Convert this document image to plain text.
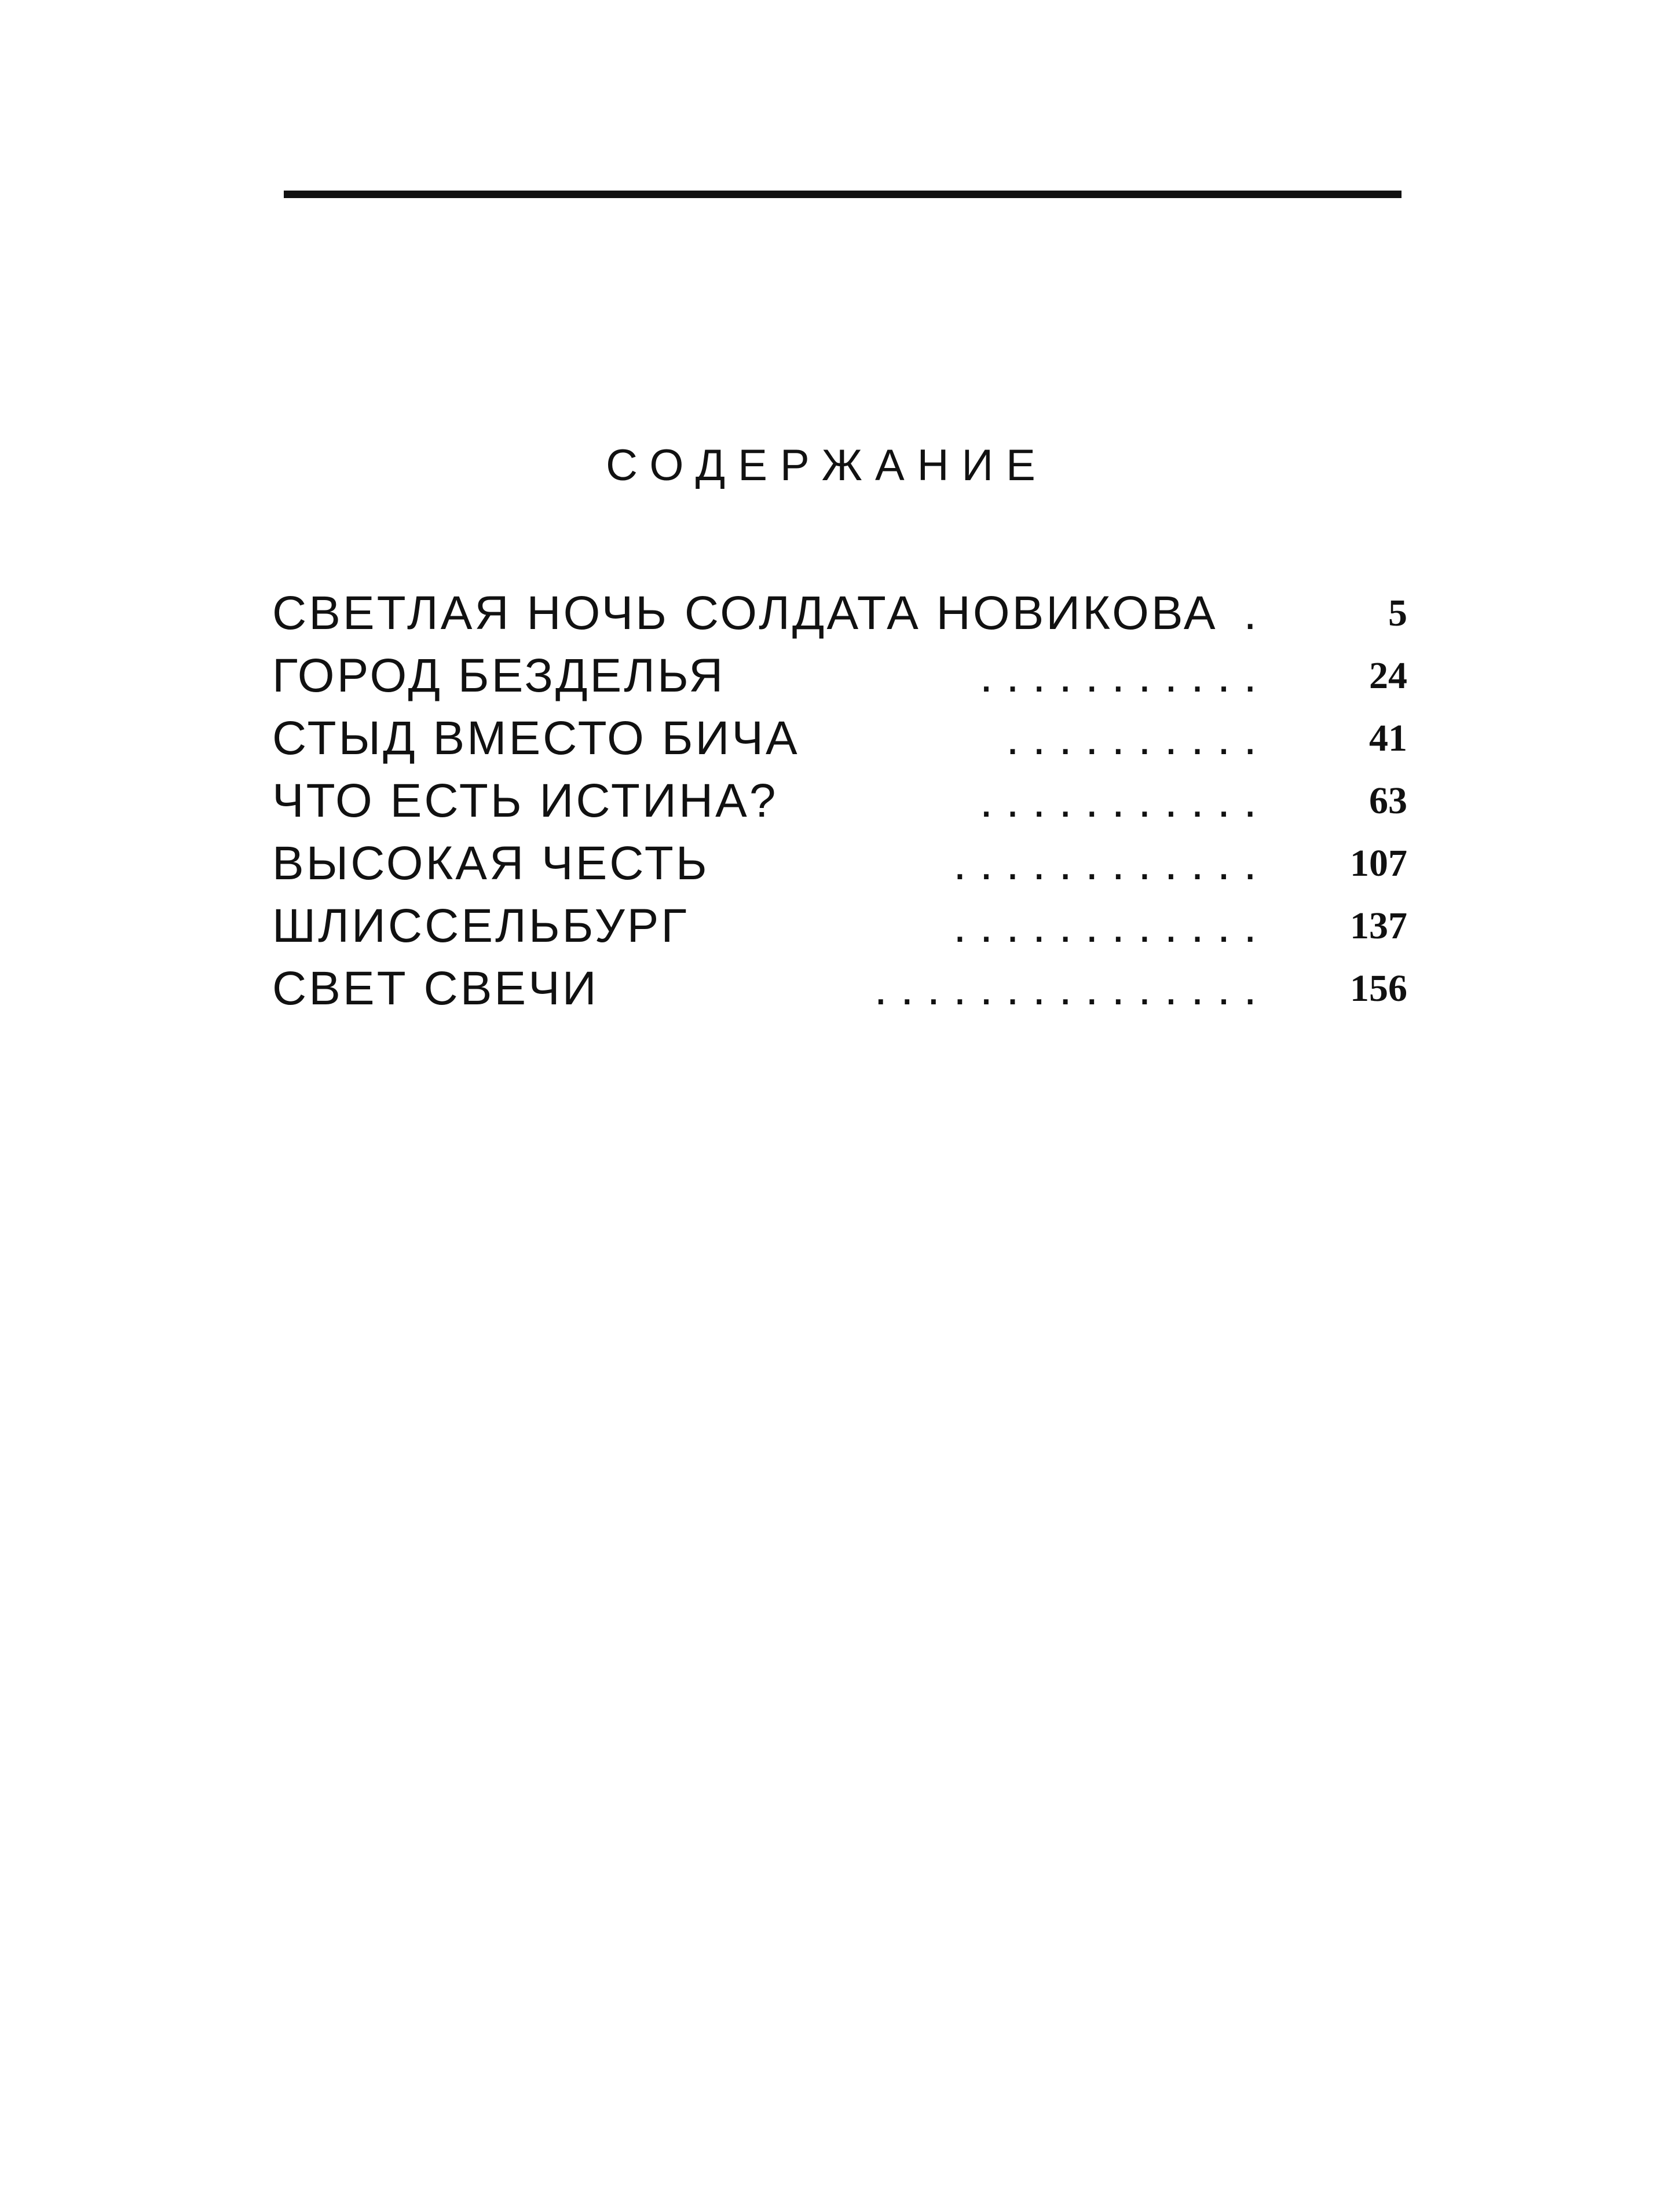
СОДЕРЖАНИЕ
СВЕТЛАЯ НОЧЬ СОЛДАТА НОВИКОВА .	5
ГОРОД БЕЗДЕЛЬЯ	. . . . . . . . . . .	24
СТЫД ВМЕСТО БИЧА	. . . . . . . . . .	41
ЧТО ЕСТЬ ИСТИНА?	. . . . . . . . . . .	63
ВЫСОКАЯ ЧЕСТЬ	. . . . . . . . . . . . 107
ШЛИССЕЛЬБУРГ	. . . . . . . . . . . . 137
СВЕТ СВЕЧИ	. . . . . . . . . . . . . . . 156
